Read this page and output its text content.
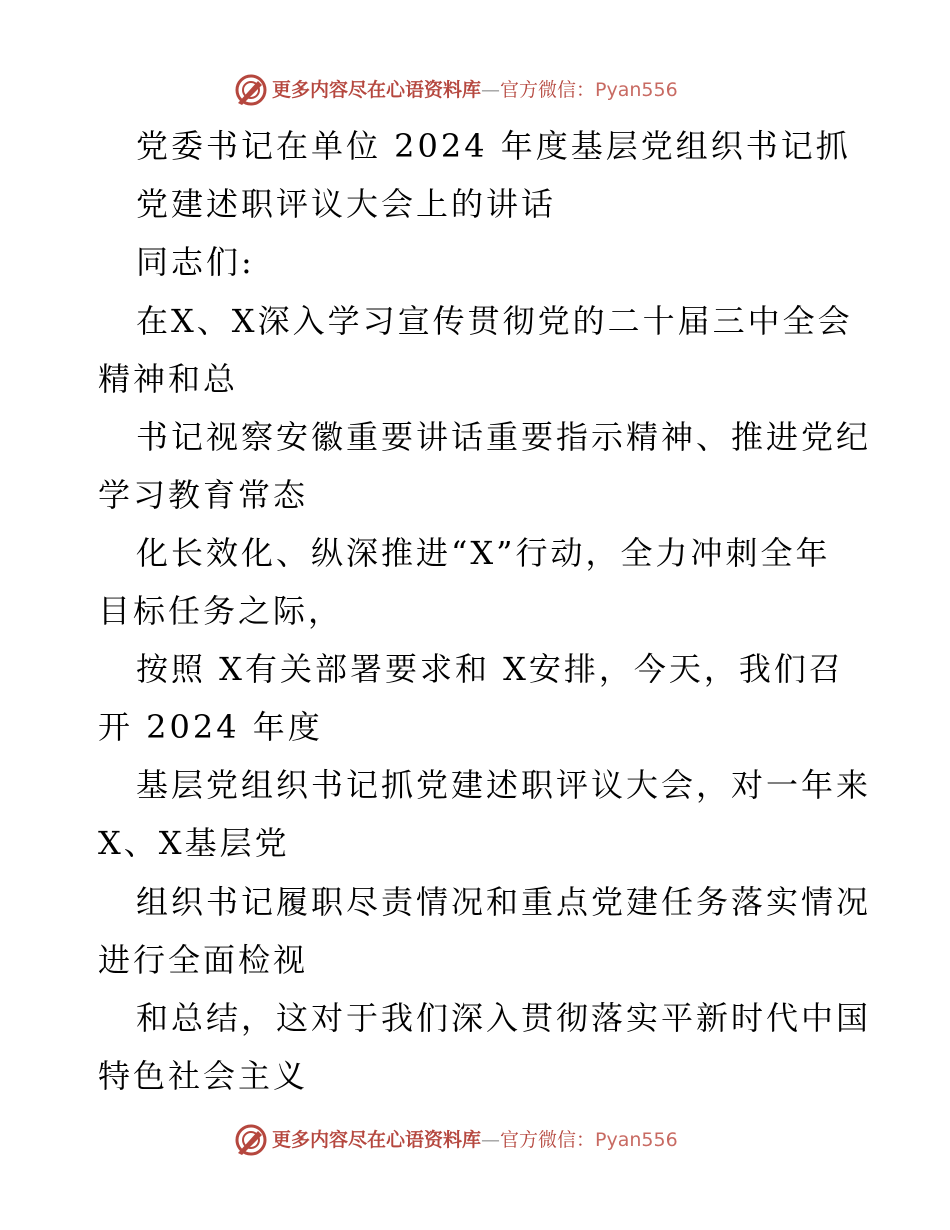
更多内容尽在心语资料库—官方微信：Pyan556
党委书记在单位 2024 年度基层党组织书记抓
党建述职评议大会上的讲话
同志们:
在X、X深入学习宣传贯彻党的二十届三中全会
精神和总
书记视察安徽重要讲话重要指示精神、推进党纪
学习教育常态
化长效化、纵深推进“X”行动，全力冲刺全年
目标任务之际，
按照 X有关部署要求和 X安排，今天，我们召
开 2024 年度
基层党组织书记抓党建述职评议大会，对一年来
X、X基层党
组织书记履职尽责情况和重点党建任务落实情况
进行全面检视
和总结，这对于我们深入贯彻落实平新时代中国
特色社会主义
更多内容尽在心语资料库—官方微信：Pyan556
